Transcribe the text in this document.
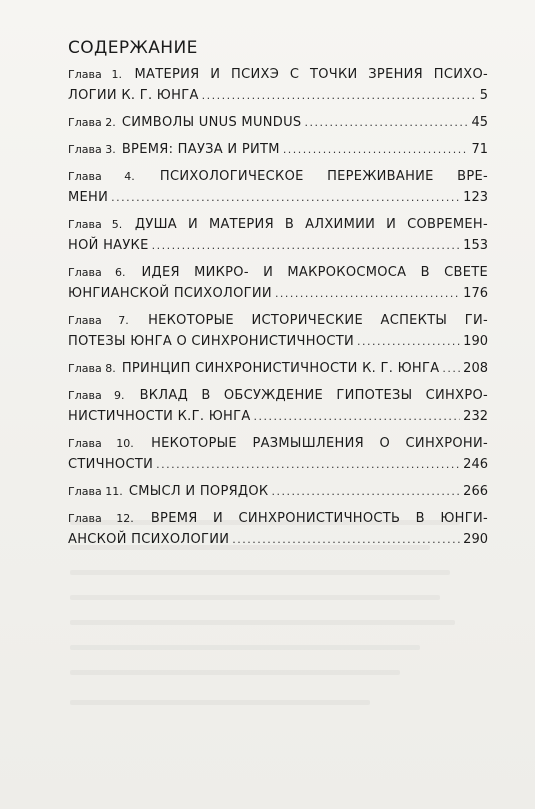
СОДЕРЖАНИЕ
Глава 1. МАТЕРИЯ И ПСИХЭ С ТОЧКИ ЗРЕНИЯ ПСИХО-
ЛОГИИ К. Г. ЮНГА .....	5
Глава 2.
СИМВОЛЫ UNUS MUNDUS .....	45
Глава 3.
ВРЕМЯ: ПАУЗА И РИТМ .....	71
Глава 4. ПСИХОЛОГИЧЕСКОЕ ПЕРЕЖИВАНИЕ ВРЕ-
МЕНИ .....	123
Глава 5. ДУША И МАТЕРИЯ В АЛХИМИИ И СОВРЕМЕН-
НОЙ НАУКЕ .....	153
Глава 6. ИДЕЯ МИКРО- И МАКРОКОСМОСА В СВЕТЕ
ЮНГИАНСКОЙ ПСИХОЛОГИИ .....	176
Глава 7. НЕКОТОРЫЕ ИСТОРИЧЕСКИЕ АСПЕКТЫ ГИ-
ПОТЕЗЫ ЮНГА О СИНХРОНИСТИЧНОСТИ .....	190
Глава 8.
ПРИНЦИП СИНХРОНИСТИЧНОСТИ К. Г. ЮНГА ..... 208
Глава 9. ВКЛАД В ОБСУЖДЕНИЕ ГИПОТЕЗЫ СИНХРО-
НИСТИЧНОСТИ К.Г. ЮНГА .....	232
Глава 10. НЕКОТОРЫЕ РАЗМЫШЛЕНИЯ О СИНХРОНИ-
СТИЧНОСТИ .....	246
Глава 11.
СМЫСЛ И ПОРЯДОК .....	266
Глава 12. ВРЕМЯ И СИНХРОНИСТИЧНОСТЬ В ЮНГИ-
АНСКОЙ ПСИХОЛОГИИ .....	290
